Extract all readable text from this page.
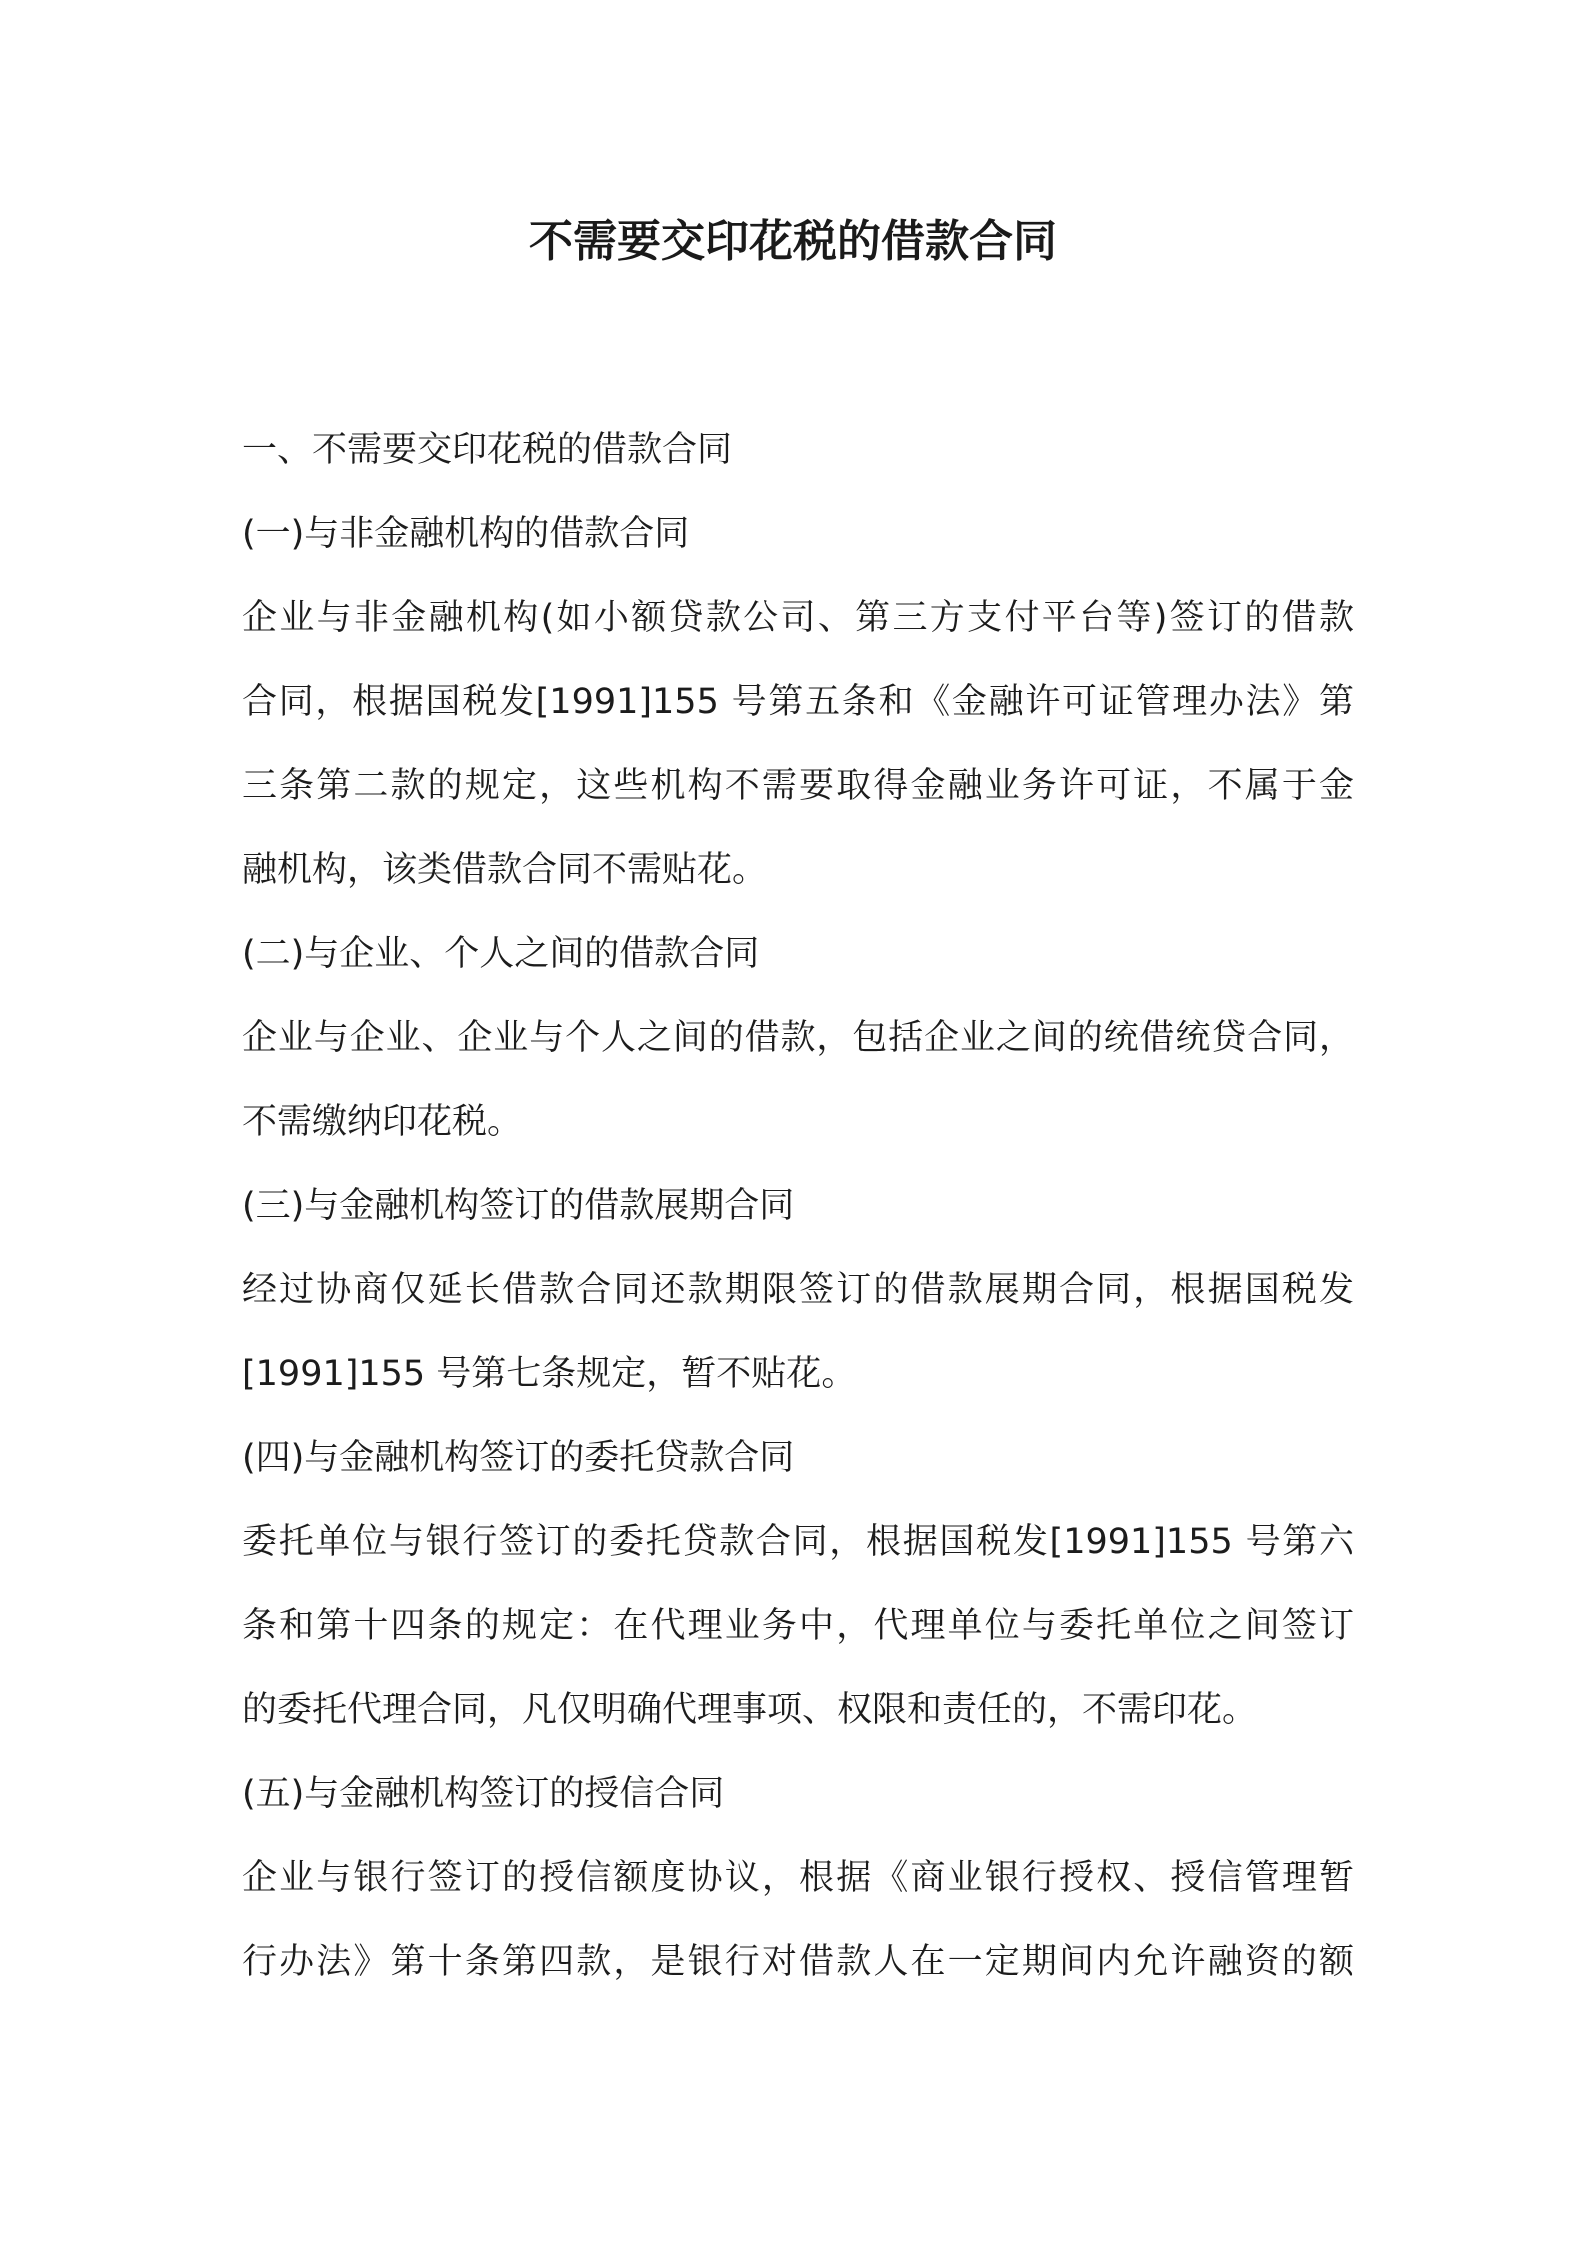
不需要交印花税的借款合同
一、不需要交印花税的借款合同
(一)与非金融机构的借款合同
企业与非金融机构(如小额贷款公司、第三方支付平台等)签订的借款
合同，根据国税发[1991]155 号第五条和《金融许可证管理办法》第
三条第二款的规定，这些机构不需要取得金融业务许可证，不属于金
融机构，该类借款合同不需贴花。
(二)与企业、个人之间的借款合同
企业与企业、企业与个人之间的借款，包括企业之间的统借统贷合同，
不需缴纳印花税。
(三)与金融机构签订的借款展期合同
经过协商仅延长借款合同还款期限签订的借款展期合同，根据国税发
[1991]155 号第七条规定，暂不贴花。
(四)与金融机构签订的委托贷款合同
委托单位与银行签订的委托贷款合同，根据国税发[1991]155 号第六
条和第十四条的规定：在代理业务中，代理单位与委托单位之间签订
的委托代理合同，凡仅明确代理事项、权限和责任的，不需印花。
(五)与金融机构签订的授信合同
企业与银行签订的授信额度协议，根据《商业银行授权、授信管理暂
行办法》第十条第四款，是银行对借款人在一定期间内允许融资的额
